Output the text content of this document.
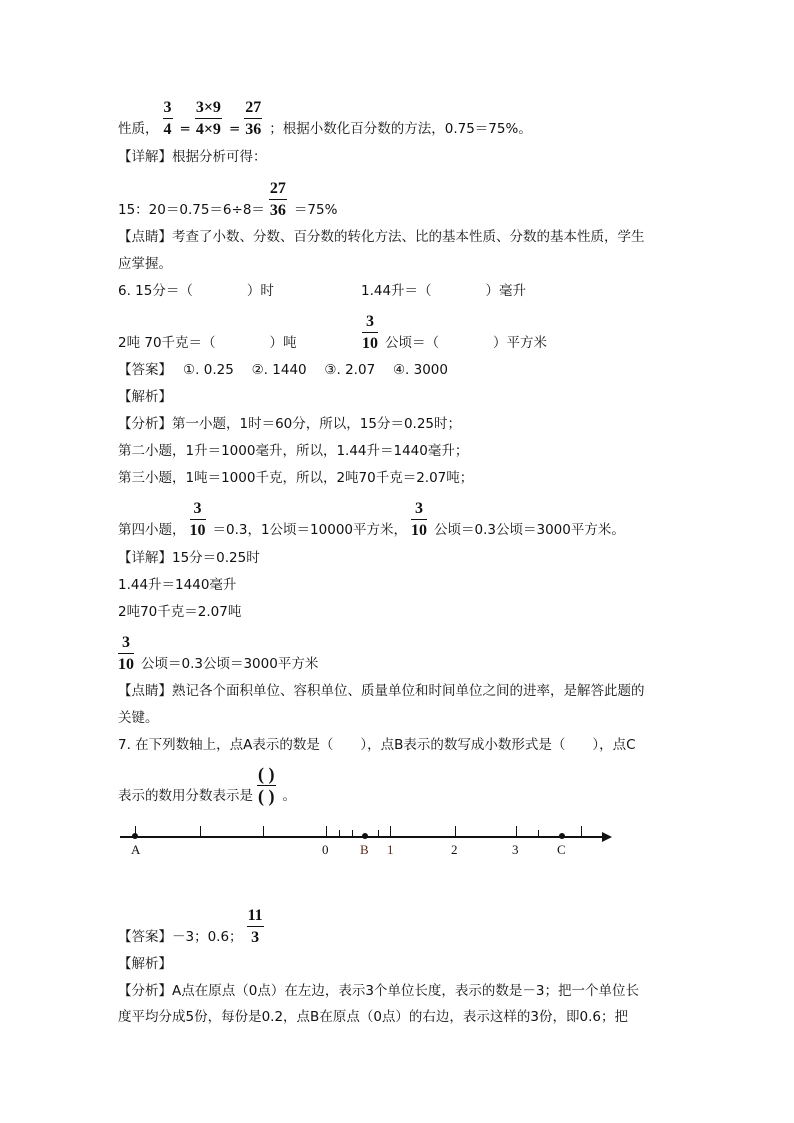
性质， $\frac{3}{4} = \frac{3\times 9}{4\times 9} = \frac{27}{36}$ ；根据小数化百分数的方法，0.75＝75%。
【详解】根据分析可得：
15：20＝0.75＝6÷8＝
27
36 ＝75%
【点睛】考查了小数、分数、百分数的转化方法、比的基本性质、分数的基本性质，学生
应掌握。
6. 15分＝（　　　　）时	1.44升＝（　　　　）毫升
2吨 70千克＝（　　　　）吨
3
10 公顷＝（　　　　）平方米
【答案】　 ①. 0.25　 ②. 1440　 ③. 2.07　 ④. 3000
【解析】
【分析】第一小题，1时＝60分，所以，15分＝0.25时；
第二小题，1升＝1000毫升，所以，1.44升＝1440毫升；
第三小题，1吨＝1000千克，所以，2吨70千克＝2.07吨；
第四小题，
3
10 ＝0.3，1公顷＝10000平方米，
3
10 公顷＝0.3公顷＝3000平方米。
【详解】15分＝0.25时
1.44升＝1440毫升
2吨70千克＝2.07吨
3
10 公顷＝0.3公顷＝3000平方米
【点睛】熟记各个面积单位、容积单位、质量单位和时间单位之间的进率，是解答此题的
关键。
7. 在下列数轴上，点A表示的数是（　　），点B表示的数写成小数形式是（　　），点C
表示的数用分数表示是
( )
( ) 。
A	0 B 1	2	3	C
【答案】－3；0.6；
11
3
【解析】
【分析】A点在原点（0点）在左边，表示3个单位长度，表示的数是－3；把一个单位长
度平均分成5份，每份是0.2，点B在原点（0点）的右边，表示这样的3份，即0.6；把
